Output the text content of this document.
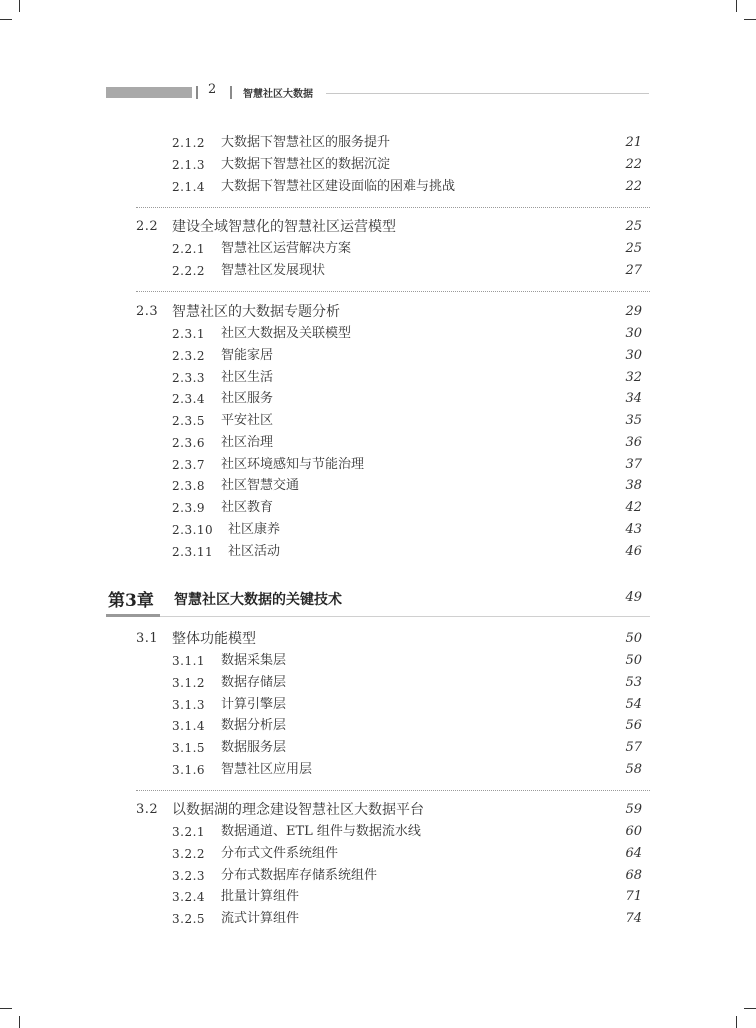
2	智慧社区大数据
2.1.2 大数据下智慧社区的服务提升	21
2.1.3 大数据下智慧社区的数据沉淀	22
2.1.4 大数据下智慧社区建设面临的困难与挑战	22
2.2 建设全域智慧化的智慧社区运营模型	25
2.2.1 智慧社区运营解决方案	25
2.2.2 智慧社区发展现状	27
2.3 智慧社区的大数据专题分析	29
2.3.1 社区大数据及关联模型	30
2.3.2 智能家居	30
2.3.3 社区生活	32
2.3.4 社区服务	34
2.3.5 平安社区	35
2.3.6 社区治理	36
2.3.7 社区环境感知与节能治理	37
2.3.8 社区智慧交通	38
2.3.9 社区教育	42
2.3.10 社区康养	43
2.3.11 社区活动	46
第3章 智慧社区大数据的关键技术	49
3.1 整体功能模型	50
3.1.1 数据采集层	50
3.1.2 数据存储层	53
3.1.3 计算引擎层	54
3.1.4 数据分析层	56
3.1.5 数据服务层	57
3.1.6 智慧社区应用层	58
3.2 以数据湖的理念建设智慧社区大数据平台	59
3.2.1 数据通道、ETL 组件与数据流水线	60
3.2.2 分布式文件系统组件	64
3.2.3 分布式数据库存储系统组件	68
3.2.4 批量计算组件	71
3.2.5 流式计算组件	74
